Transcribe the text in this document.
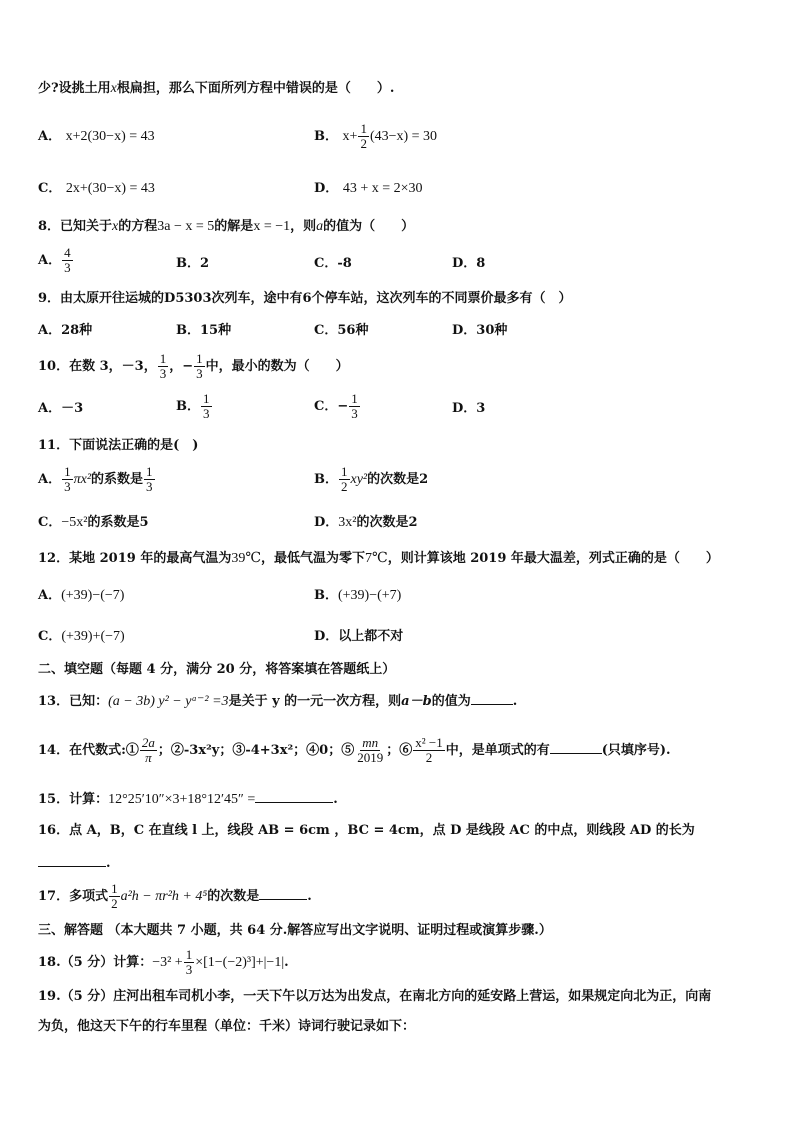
少?设挑土用x根扁担，那么下面所列方程中错误的是（　　）.
A． x+2(30−x) = 43	B． $x+ \frac{1}{2} (43-x) = 30$
C． 2x+(30−x) = 43	D． 43 + x = 2×30
8．已知关于x的方程3a − x = 5的解是x = −1，则a的值为（　　）
A． $\frac{4}{3}$	B．2	C．-8	D．8
9．由太原开往运城的D5303次列车，途中有6个停车站，这次列车的不同票价最多有（　）
A．28种	B．15种	C．56种	D．30种
10．在数 3，－3， $\frac{1}{3}$ ，− $\frac{1}{3}$ 中，最小的数为（　　）
A．－3	B． $\frac{1}{3}$	C．− $\frac{1}{3}$	D．3
11．下面说法正确的是(　)
A． $\frac{1}{3} \pi x^2$的系数是 $\frac{1}{3}$	B． $\frac{1}{2} xy^2$的次数是2
C．−5x²的系数是5	D．3x²的次数是2
12．某地 2019 年的最高气温为39℃，最低气温为零下7℃，则计算该地 2019 年最大温差，列式正确的是（　　）
A．(+39)−(−7)	B．(+39)−(+7)
C．(+39)+(−7)	D．以上都不对
二、填空题（每题 4 分，满分 20 分，将答案填在答题纸上）
13．已知：(a − 3b) y² − yᵃ⁻² =3是关于 y 的一元一次方程，则a－b的值为	.
14．在代数式:① $\frac{2a}{\pi}$ ；②-3x²y；③-4+3x²；④0；⑤ $\frac{mn}{2019}$ ；⑥ $\frac{\text{x² −1}}{2}$ 中，是单项式的有	(只填序号).
15．计算：12°25′10″×3+18°12′45″ =	.
16．点 A，B，C 在直线 l 上，线段 AB = 6cm ，BC = 4cm，点 D 是线段 AC 的中点，则线段 AD 的长为
.
17．多项式 $\frac{1}{2} a^2h - \pi r^2h + 4^5$的次数是	.
三、解答题 （本大题共 7 小题，共 64 分.解答应写出文字说明、证明过程或演算步骤.）
18.（5 分）计算：$-3^2 + \frac{1}{3} \times[1-(-2)^3]+|-1|$.
19.（5 分）庄河出租车司机小李，一天下午以万达为出发点，在南北方向的延安路上营运，如果规定向北为正，向南
为负，他这天下午的行车里程（单位：千米）诗词行驶记录如下：
